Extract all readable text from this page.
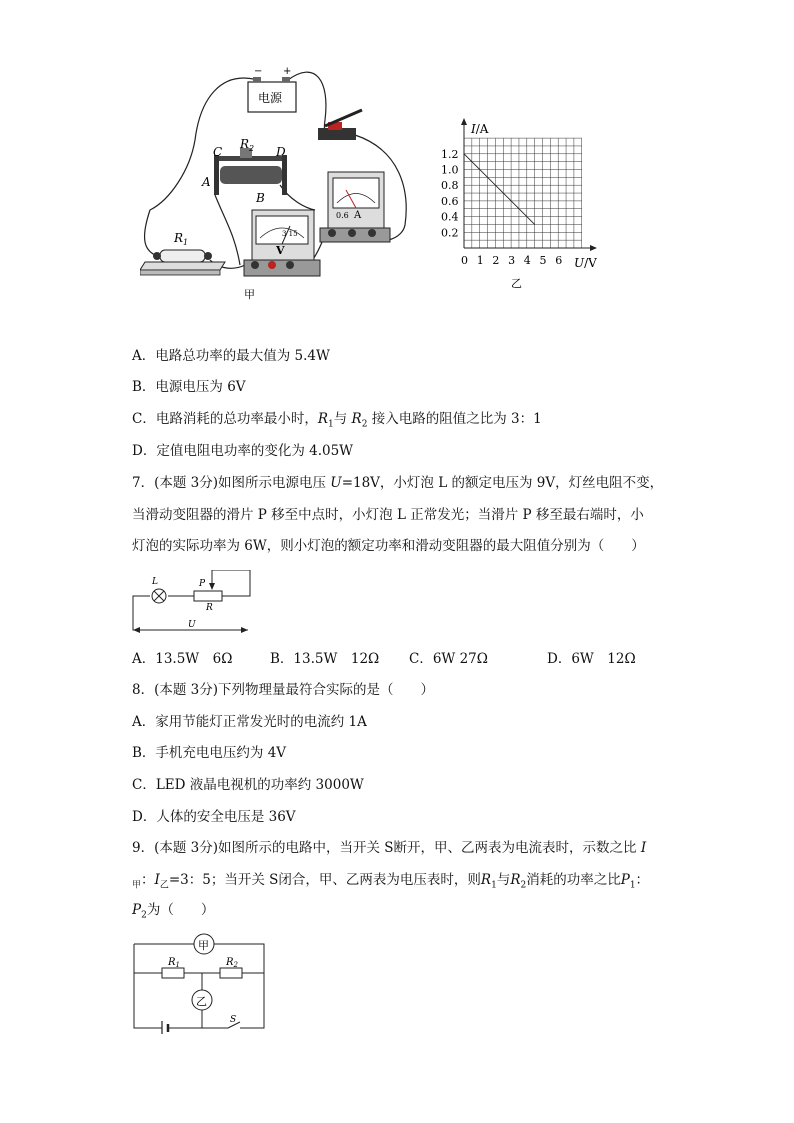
电源
− +
$R_2$
C	D
A
B
$R_1$
3 15
V
0.6 A
甲
1.2
1.0
0.8
0.6
0.4
0.2
0 1 2 3 4 5 6
I/A
U/V
乙
A．电路总功率的最大值为 5.4W
B．电源电压为 6V
C．电路消耗的总功率最小时，$R_1$与 $R_2$ 接入电路的阻值之比为 3：1
D．定值电阻电功率的变化为 4.05W
7．(本题 3分)如图所示电源电压 U=18V，小灯泡 L 的额定电压为 9V，灯丝电阻不变，
当滑动变阻器的滑片 P 移至中点时，小灯泡 L 正常发光；当滑片 P 移至最右端时，小
灯泡的实际功率为 6W，则小灯泡的额定功率和滑动变阻器的最大阻值分别为（　　）
L	P
R
U
A．13.5W　6Ω	B．13.5W　12Ω C．6W 27Ω	D．6W　12Ω
8．(本题 3分)下列物理量最符合实际的是（　　）
A．家用节能灯正常发光时的电流约 1A
B．手机充电电压约为 4V
C．LED 液晶电视机的功率约 3000W
D．人体的安全电压是 36V
9．(本题 3分)如图所示的电路中，当开关 S断开，甲、乙两表为电流表时，示数之比 I
$_甲$：$I_乙=3$：5；当开关 S闭合，甲、乙两表为电压表时，则$R_1$与$R_2$消耗的功率之比$P_1$：
$P_2$为（　　）
甲
乙
$R_1$	$R_2$
S
